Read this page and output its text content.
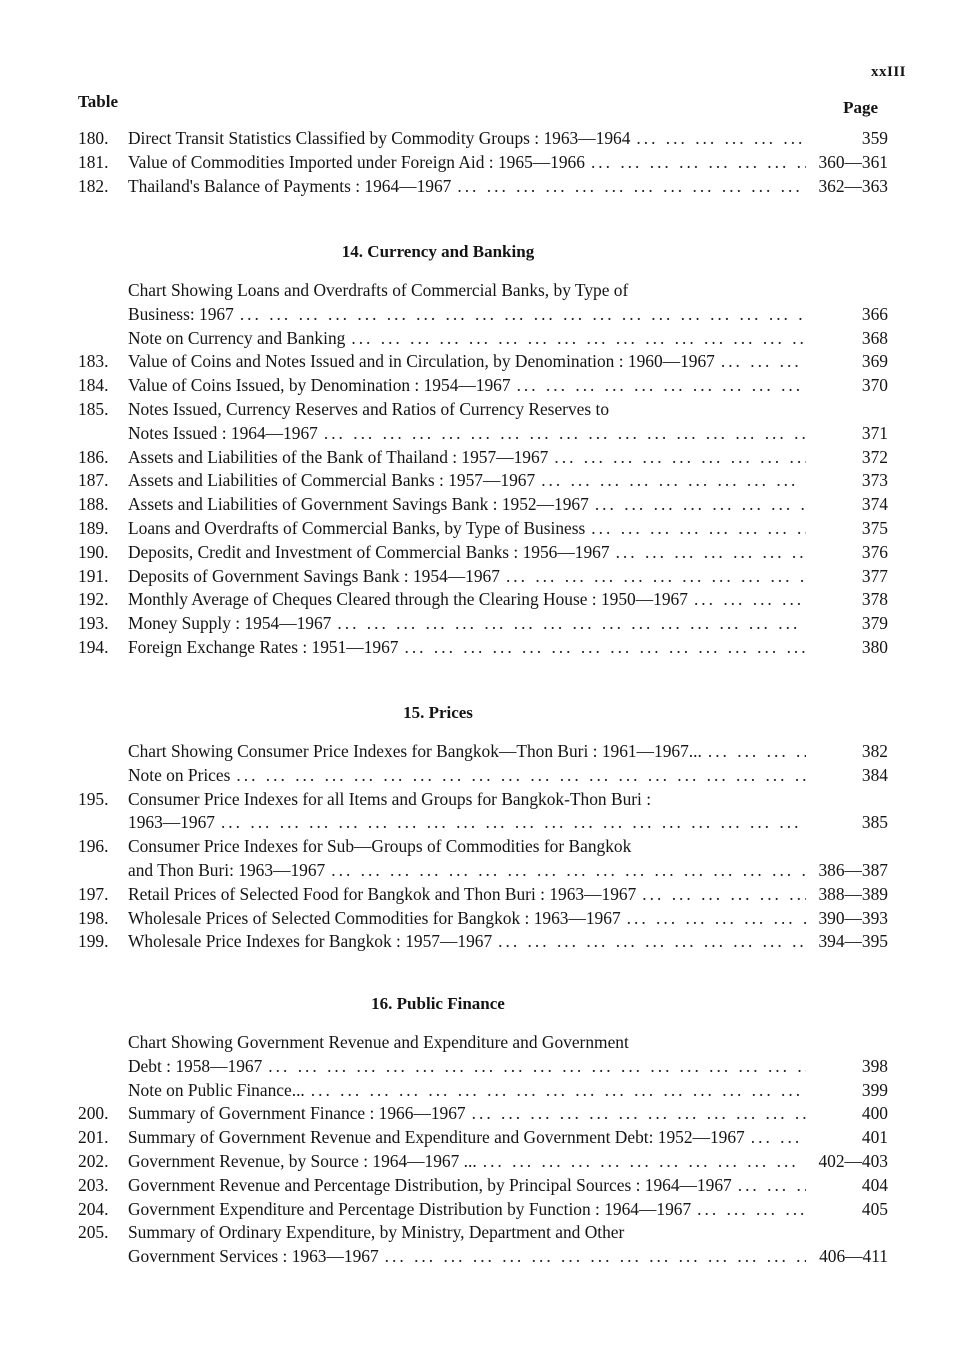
xxIII
Table	Page
180.	Direct Transit Statistics Classified by Commodity Groups : 1963—1964 ... .	359
181.	Value of Commodities Imported under Foreign Aid : 1965—1966 ... .	360—361
182.	Thailand's Balance of Payments : 1964—1967 ... .	362—363
14. Currency and Banking
Chart Showing Loans and Overdrafts of Commercial Banks, by Type of
Business: 1967 ... .	366
Note on Currency and Banking ... .	368
183.	Value of Coins and Notes Issued and in Circulation, by Denomination : 1960—1967 ... .	369
184.	Value of Coins Issued, by Denomination : 1954—1967 ... .	370
185.	Notes Issued, Currency Reserves and Ratios of Currency Reserves to
Notes Issued : 1964—1967 ... .	371
186.	Assets and Liabilities of the Bank of Thailand : 1957—1967 ... .	372
187.	Assets and Liabilities of Commercial Banks : 1957—1967 ... .	373
188.	Assets and Liabilities of Government Savings Bank : 1952—1967 ... .	374
189.	Loans and Overdrafts of Commercial Banks, by Type of Business ... .	375
190.	Deposits, Credit and Investment of Commercial Banks : 1956—1967 ... .	376
191.	Deposits of Government Savings Bank : 1954—1967 ... .	377
192.	Monthly Average of Cheques Cleared through the Clearing House : 1950—1967 ... .	378
193.	Money Supply : 1954—1967 ... .	379
194.	Foreign Exchange Rates : 1951—1967 ... .	380
15. Prices
Chart Showing Consumer Price Indexes for Bangkok—Thon Buri : 1961—1967... ... .	382
Note on Prices ... .	384
195.	Consumer Price Indexes for all Items and Groups for Bangkok-Thon Buri :
1963—1967 ... .	385
196.	Consumer Price Indexes for Sub—Groups of Commodities for Bangkok
and Thon Buri: 1963—1967 ... .	386—387
197.	Retail Prices of Selected Food for Bangkok and Thon Buri : 1963—1967 ... .	388—389
198.	Wholesale Prices of Selected Commodities for Bangkok : 1963—1967 ... .	390—393
199.	Wholesale Price Indexes for Bangkok : 1957—1967 ... .	394—395
16. Public Finance
Chart Showing Government Revenue and Expenditure and Government
Debt : 1958—1967 ... .	398
Note on Public Finance... ... .	399
200.	Summary of Government Finance : 1966—1967 ... .	400
201.	Summary of Government Revenue and Expenditure and Government Debt: 1952—1967 ... .	401
202.	Government Revenue, by Source : 1964—1967 ... ... .	402—403
203.	Government Revenue and Percentage Distribution, by Principal Sources : 1964—1967 ... .	404
204.	Government Expenditure and Percentage Distribution by Function : 1964—1967 ... .	405
205.	Summary of Ordinary Expenditure, by Ministry, Department and Other
Government Services : 1963—1967 ... .	406—411
